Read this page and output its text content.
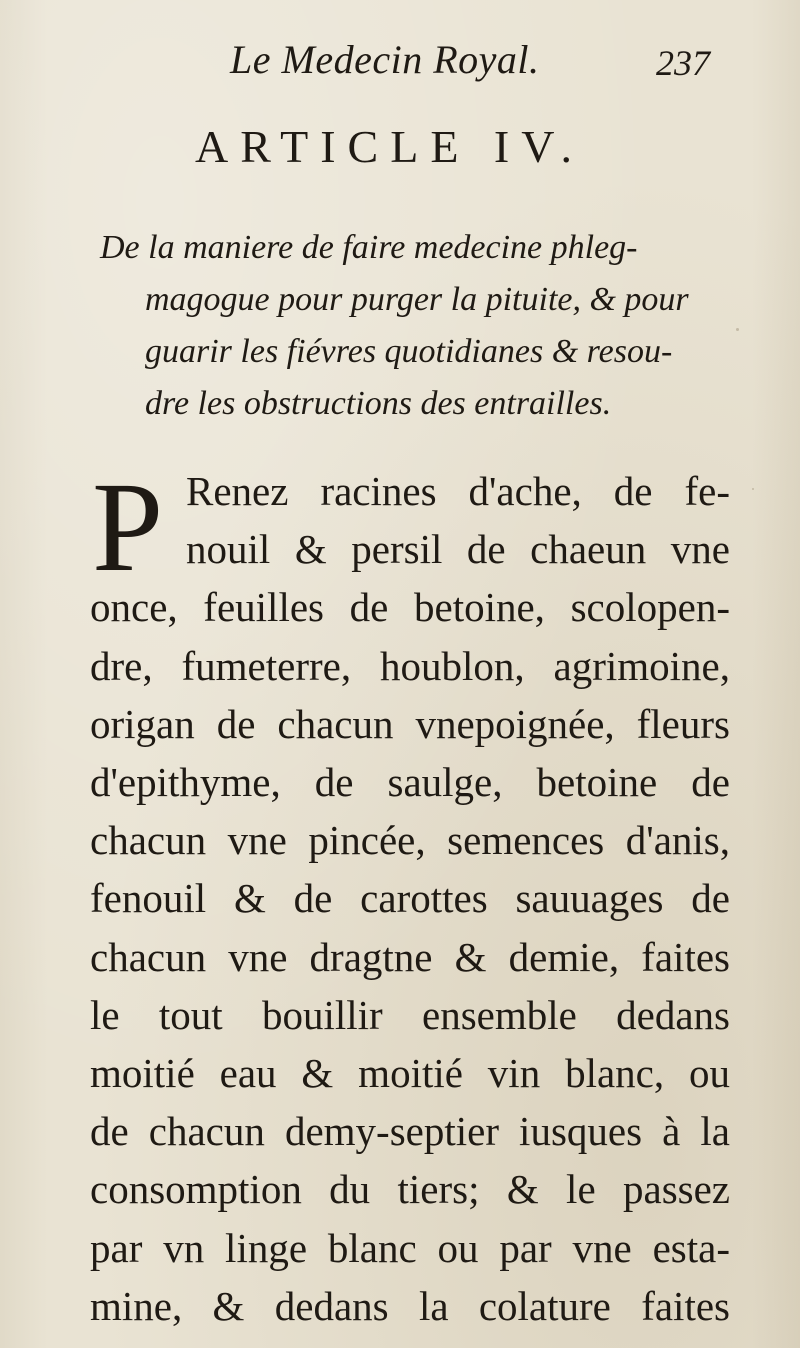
Le Medecin Royal.	237
ARTICLE IV.
De la maniere de faire medecine phleg-
magogue pour purger la pituite, & pour
guarir les fiévres quotidianes & resou-
dre les obstructions des entrailles.
P Renez racines d'ache, de fe-
nouil & persil de chaeun vne
once, feuilles de betoine, scolopen-
dre, fumeterre, houblon, agrimoine,
origan de chacun vnepoignée, fleurs
d'epithyme, de saulge, betoine de
chacun vne pincée, semences d'anis,
fenouil & de carottes sauuages de
chacun vne dragtne & demie, faites
le tout bouillir ensemble dedans
moitié eau & moitié vin blanc, ou
de chacun demy-septier iusques à la
consomption du tiers; & le passez
par vn linge blanc ou par vne esta-
mine, & dedans la colature faites
